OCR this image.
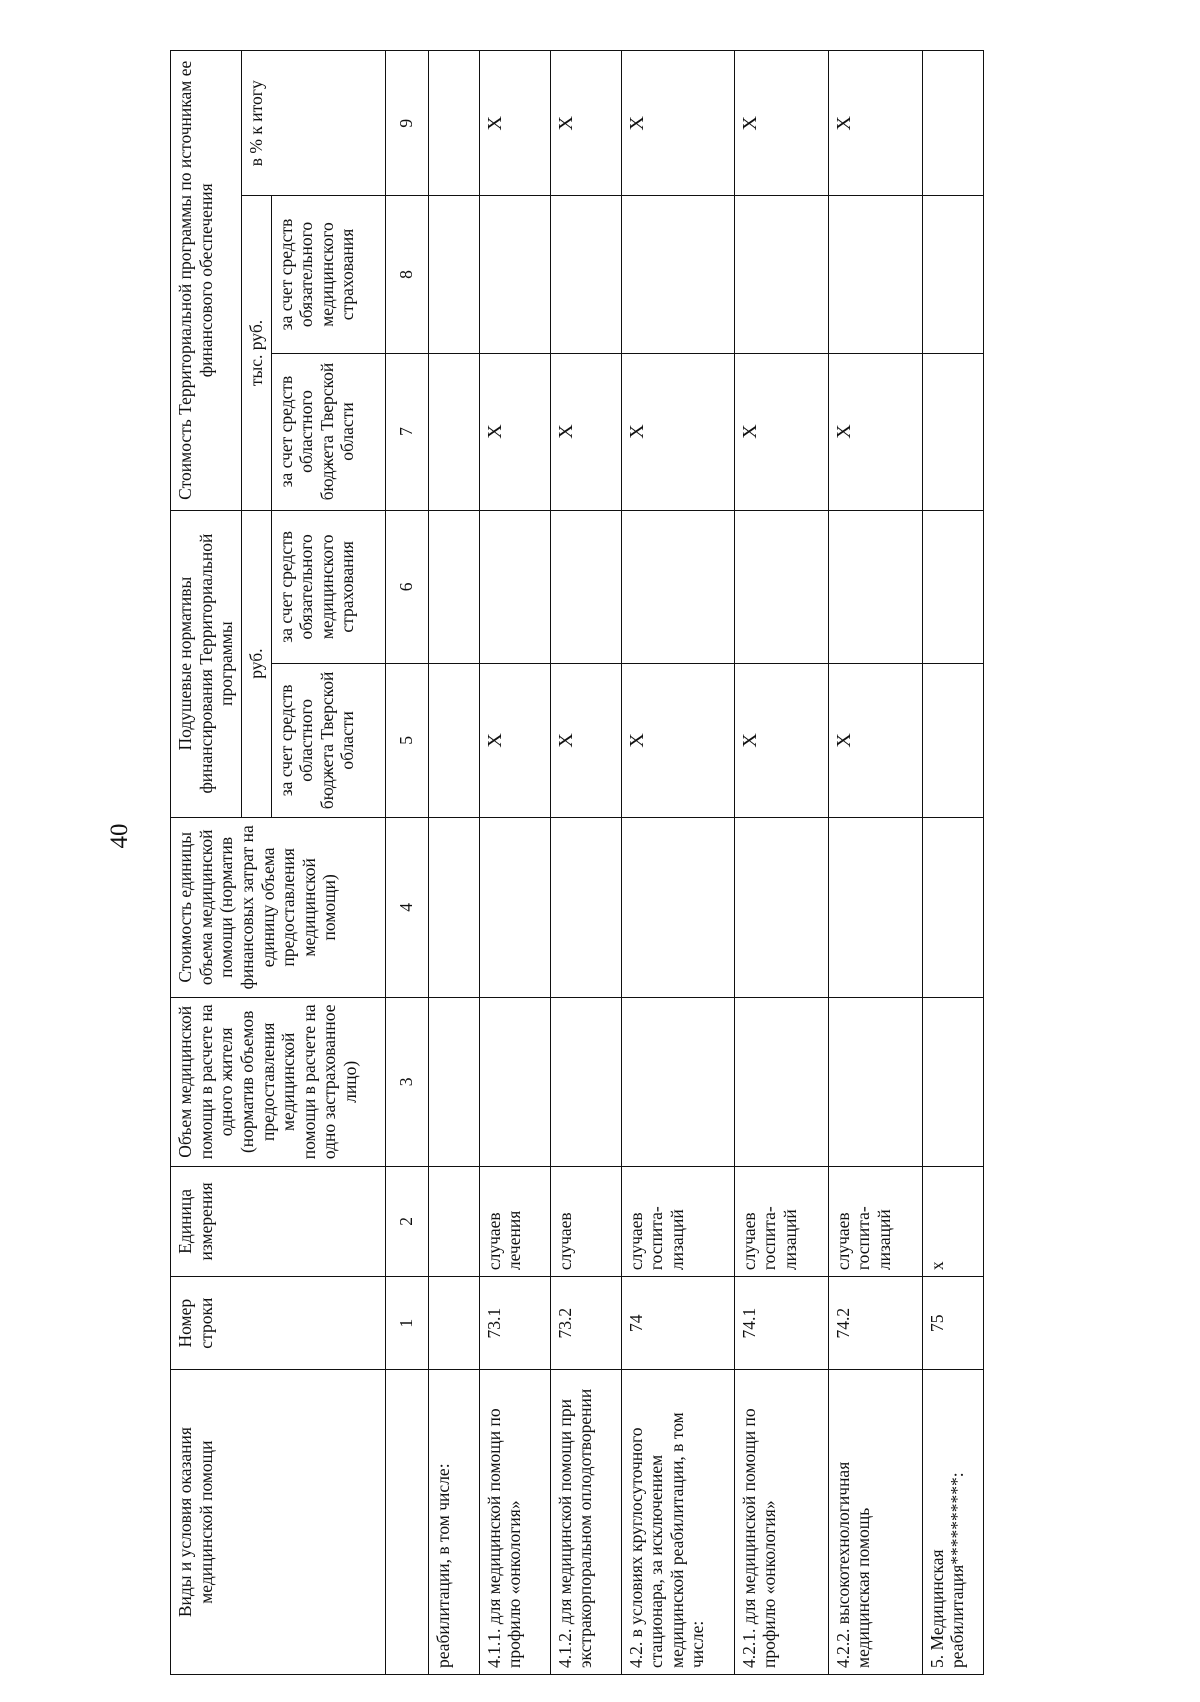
40
Виды и условия оказания медицинской помощи	Номер строки	Единица измерения	Объем медицинской помощи в расчете на одного жителя (норматив объемов предоставления медицинской помощи в расчете на одно застрахованное лицо)	Стоимость единицы объема медицинской помощи (норматив финансовых затрат на единицу объема предоставления медицинской помощи)	Подушевые нормативы финансирования Территориальной программы		Стоимость Территориальной программы по источникам ее финансового обеспечения		
					руб.		тыс. руб.		в % к итогу
					за счет средств областного бюджета Тверской области	за счет средств обязательного медицинского страхования	за счет средств областного бюджета Тверской области	за счет средств обязательного медицинского страхования	
	1	2	3	4	5	6	7	8	9
реабилитации, в том числе:									
4.1.1. для медицинской помощи по профилю «онкология»	73.1	случаев лечения			Х		Х		Х
4.1.2. для медицинской помощи при экстракорпоральном оплодотворении	73.2	случаев			Х		Х		Х
4.2. в условиях круглосуточного стационара, за исключением медицинской реабилитации, в том числе:	74	случаев госпита-лизаций			Х		Х		Х
4.2.1. для медицинской помощи по профилю «онкология»	74.1	случаев госпита-лизаций			Х		Х		Х
4.2.2. высокотехнологичная медицинская помощь	74.2	случаев госпита-лизаций			Х		Х		Х
5. Медицинская реабилитация**********:	75	х							
